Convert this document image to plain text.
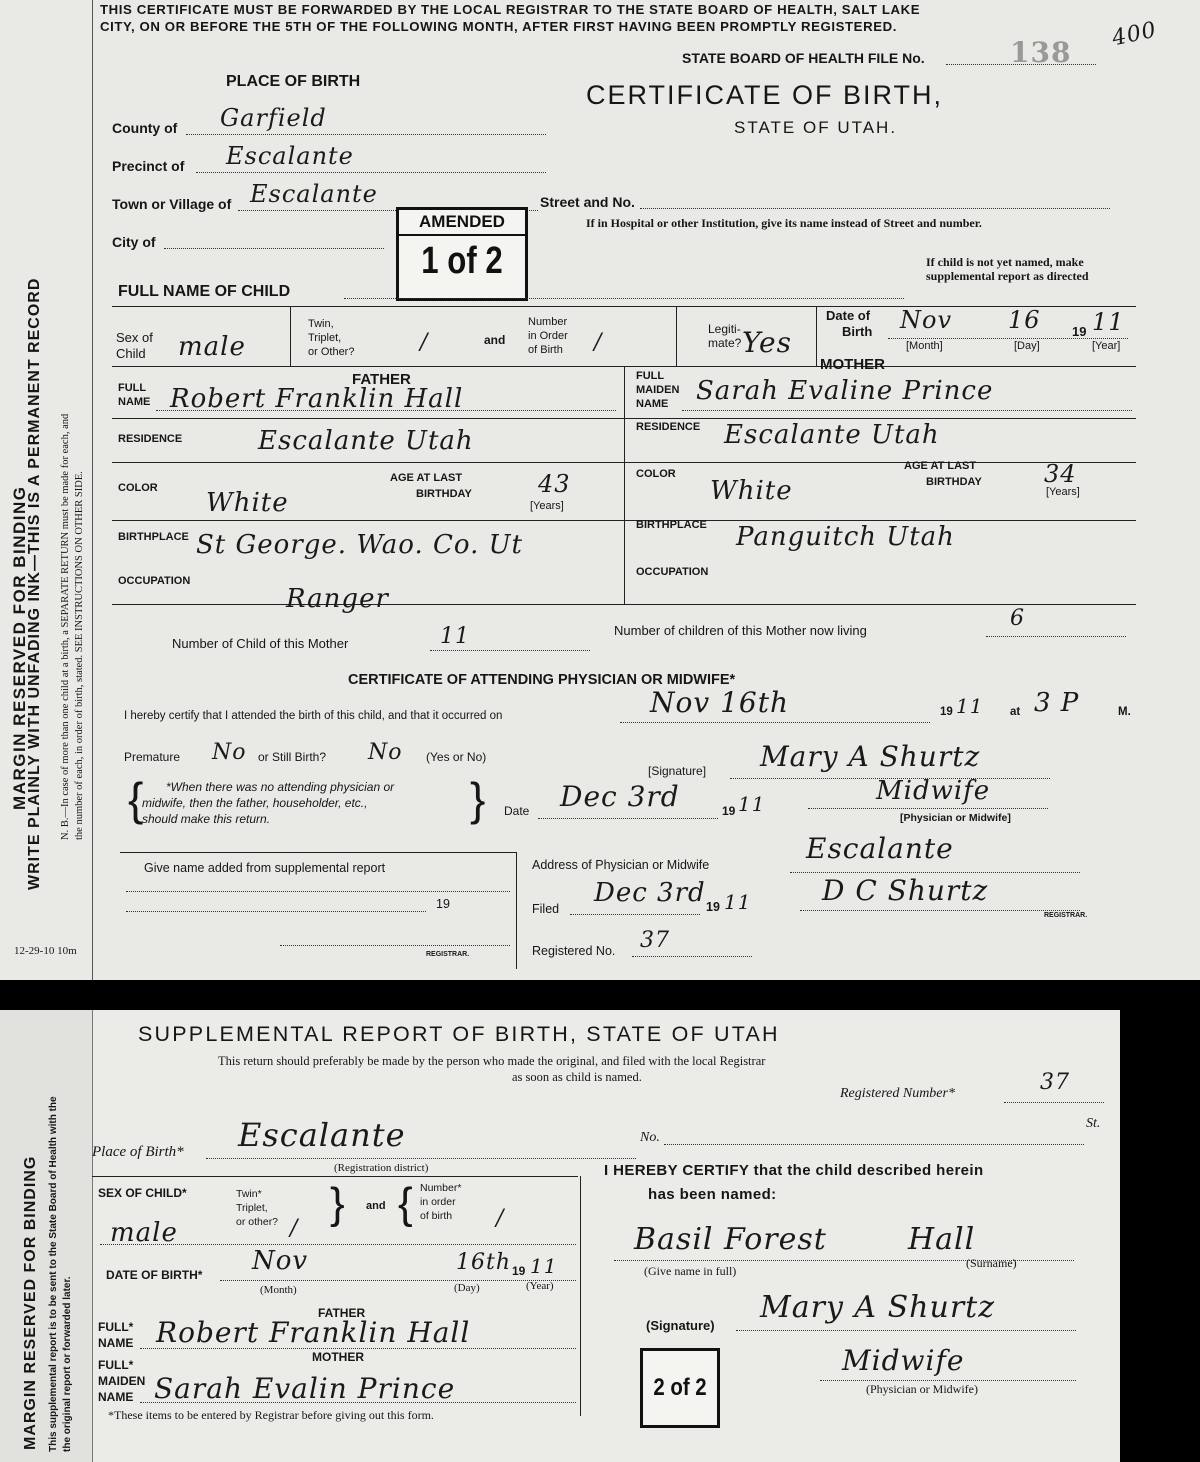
MARGIN RESERVED FOR BINDING
WRITE PLAINLY WITH UNFADING INK—THIS IS A PERMANENT RECORD N. B.—In case of more than one child at a birth, a SEPARATE RETURN must be made for each, and the number of each, in order of birth, stated. SEE INSTRUCTIONS ON OTHER SIDE.
12-29-10 10m
THIS CERTIFICATE MUST BE FORWARDED BY THE LOCAL REGISTRAR TO THE STATE BOARD OF HEALTH, SALT LAKE
CITY, ON OR BEFORE THE 5TH OF THE FOLLOWING MONTH, AFTER FIRST HAVING BEEN PROMPTLY REGISTERED.
STATE BOARD OF HEALTH FILE No.	138
400
CERTIFICATE OF BIRTH,
STATE OF UTAH.
PLACE OF BIRTH
County of Garfield
Precinct of Escalante
Town or Village of Escalante
City of
Street and No.
If in Hospital or other Institution, give its name instead of Street and number.
AMENDED
1 of 2	If child is not yet named, make
supplemental report as directed
FULL NAME OF CHILD
Sex of
Child male
Twin,
Triplet,
or Other?	/	and
Number
in Order
of Birth /
Legiti-
mate? Yes
Date of
Birth Nov 16 19 11
[Month]	[Day]	[Year]
FATHER
FULL
NAME Robert Franklin Hall
RESIDENCE	Escalante Utah
COLOR White
AGE AT LAST
BIRTHDAY	43
[Years]
BIRTHPLACE St George. Wao. Co. Ut
OCCUPATION
Ranger
MOTHER
FULL
MAIDEN
NAME Sarah Evaline Prince
RESIDENCE Escalante Utah
COLOR
White
AGE AT LAST
BIRTHDAY	34
[Years]
BIRTHPLACE Panguitch Utah
OCCUPATION
Number of Child of this Mother	11	Number of children of this Mother now living	6
CERTIFICATE OF ATTENDING PHYSICIAN OR MIDWIFE*
I hereby certify that I attended the birth of this child, and that it occurred on	Nov 16th	19 11 at 3 P	M.
Premature No or Still Birth? No (Yes or No)
[Signature] Mary A Shurtz
{ *When there was no attending physician or
midwife, then the father, householder, etc.,
should make this return.	} Date Dec 3rd	19 11	Midwife
[Physician or Midwife]
Give name added from supplemental report
19
REGISTRAR.
Address of Physician or Midwife	Escalante
Filed
Dec 3rd 19 11	D C Shurtz
REGISTRAR.
Registered No. 37
MARGIN RESERVED FOR BINDING This supplemental report is to be sent to the State Board of Health with the the original report or forwarded later.
SUPPLEMENTAL REPORT OF BIRTH, STATE OF UTAH
This return should preferably be made by the person who made the original, and filed with the local Registrar
as soon as child is named.
Registered Number*	37
Place of Birth* Escalante
(Registration district)
No.
St.
I HEREBY CERTIFY that the child described herein
has been named:
SEX OF CHILD*	Twin*
Triplet,
or other? } and { Number*
in order
of birth
male	/	/
DATE OF BIRTH* Nov	16th 19 11
(Month)	(Day)	(Year)
FATHER
FULL*
NAME Robert Franklin Hall
MOTHER
FULL*
MAIDEN
NAME Sarah Evalin Prince
*These items to be entered by Registrar before giving out this form.
Basil Forest	Hall
(Give name in full)
(Surname)
(Signature)
Mary A Shurtz
Midwife
(Physician or Midwife)
2 of 2
